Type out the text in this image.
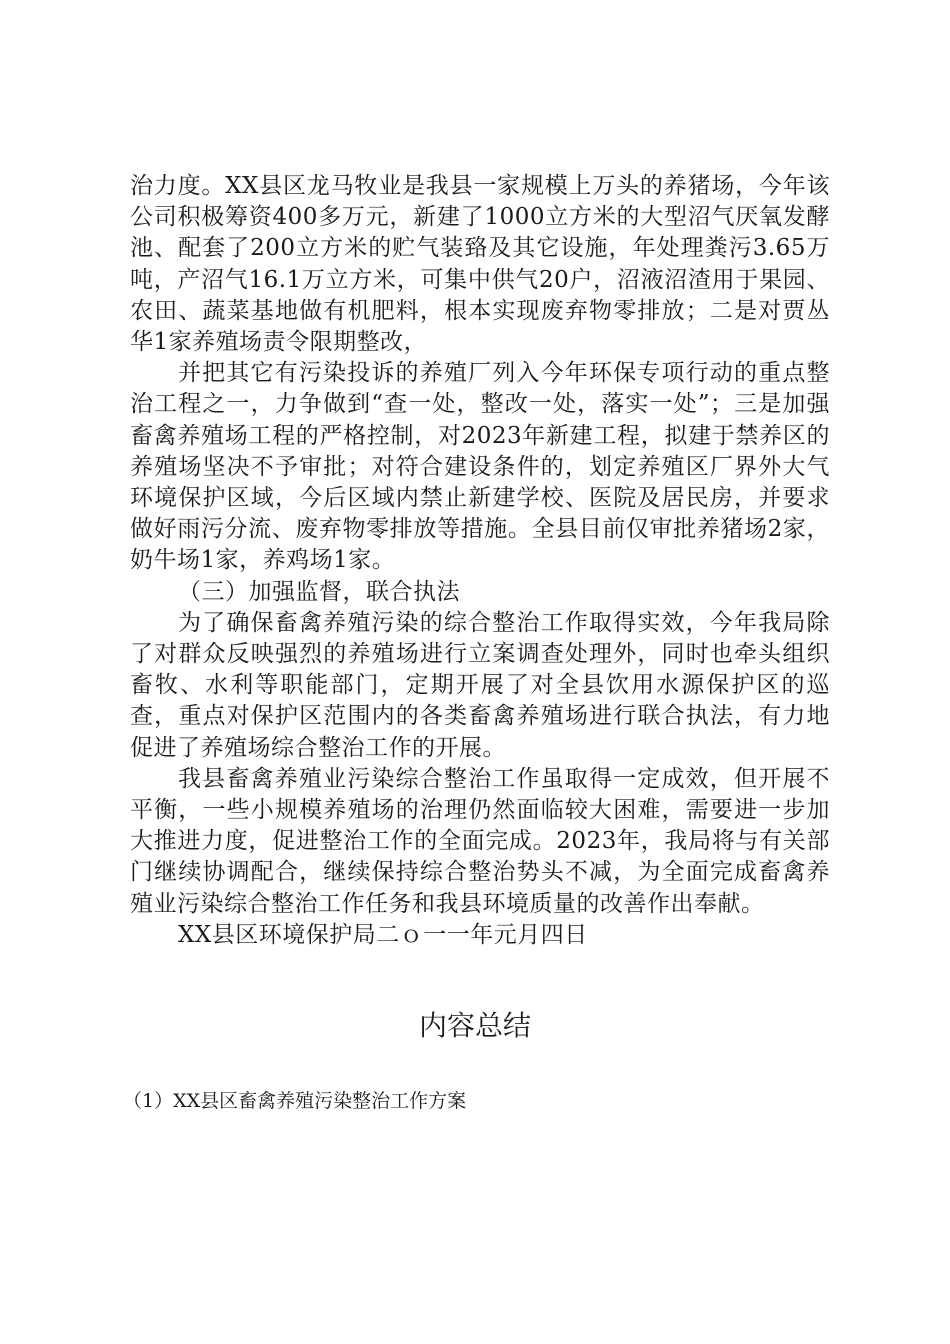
治力度。XX县区龙马牧业是我县一家规模上万头的养猪场，今年该公司积极筹资400多万元，新建了1000立方米的大型沼气厌氧发酵池、配套了200立方米的贮气装臵及其它设施，年处理粪污3.65万吨，产沼气16.1万立方米，可集中供气20户，沼液沼渣用于果园、农田、蔬菜基地做有机肥料，根本实现废弃物零排放；二是对贾丛华1家养殖场责令限期整改，

并把其它有污染投诉的养殖厂列入今年环保专项行动的重点整治工程之一，力争做到“查一处，整改一处，落实一处”；三是加强畜禽养殖场工程的严格控制，对2023年新建工程，拟建于禁养区的养殖场坚决不予审批；对符合建设条件的，划定养殖区厂界外大气环境保护区域，今后区域内禁止新建学校、医院及居民房，并要求做好雨污分流、废弃物零排放等措施。全县目前仅审批养猪场2家，奶牛场1家，养鸡场1家。

（三）加强监督，联合执法

为了确保畜禽养殖污染的综合整治工作取得实效，今年我局除了对群众反映强烈的养殖场进行立案调查处理外，同时也牵头组织畜牧、水利等职能部门，定期开展了对全县饮用水源保护区的巡查，重点对保护区范围内的各类畜禽养殖场进行联合执法，有力地促进了养殖场综合整治工作的开展。

我县畜禽养殖业污染综合整治工作虽取得一定成效，但开展不平衡，一些小规模养殖场的治理仍然面临较大困难，需要进一步加大推进力度，促进整治工作的全面完成。2023年，我局将与有关部门继续协调配合，继续保持综合整治势头不减，为全面完成畜禽养殖业污染综合整治工作任务和我县环境质量的改善作出奉献。

XX县区环境保护局二ｏ一一年元月四日

内容总结

（1）XX县区畜禽养殖污染整治工作方案
